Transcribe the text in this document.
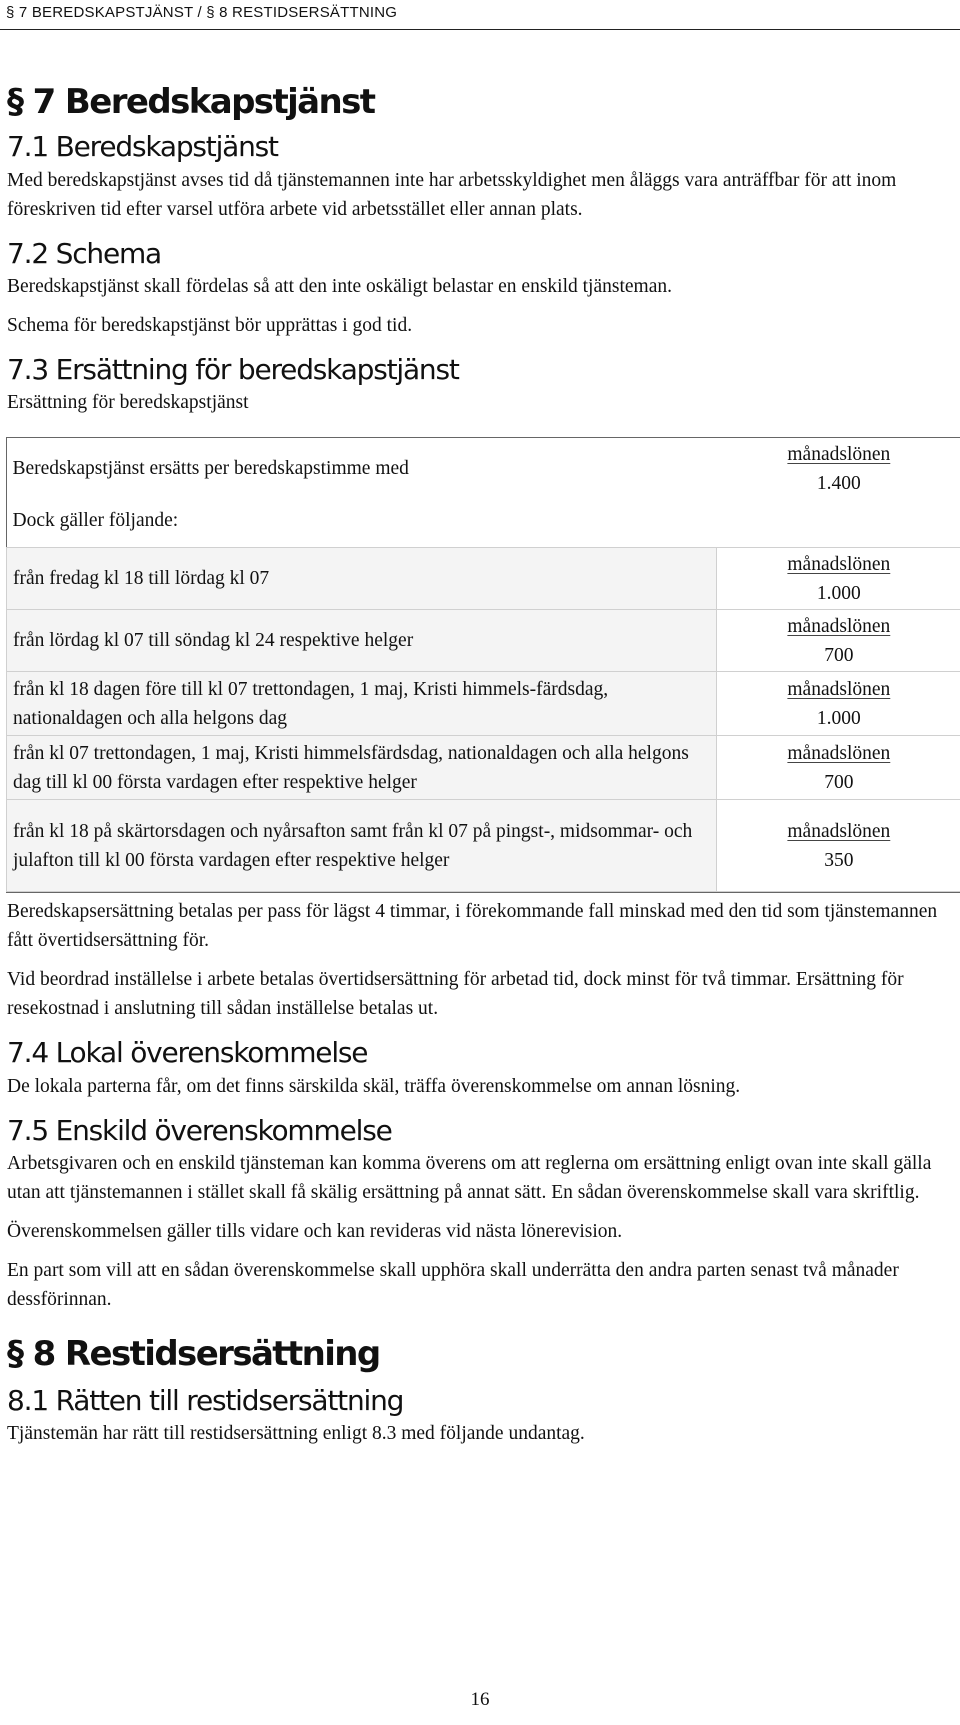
§ 7 BEREDSKAPSTJÄNST / § 8 RESTIDSERSÄTTNING
§ 7 Beredskapstjänst
7.1 Beredskapstjänst

Med beredskapstjänst avses tid då tjänstemannen inte har arbetsskyldighet men åläggs vara anträffbar för att inom föreskriven tid efter varsel utföra arbete vid arbetsstället eller annan plats.

7.2 Schema

Beredskapstjänst skall fördelas så att den inte oskäligt belastar en enskild tjänsteman.

Schema för beredskapstjänst bör upprättas i god tid.

7.3 Ersättning för beredskapstjänst

Ersättning för beredskapstjänst

Beredskapstjänst ersätts per beredskapstimme med	månadslönen
1.400
Dock gäller följande:	
från fredag kl 18 till lördag kl 07	månadslönen
1.000
från lördag kl 07 till söndag kl 24 respektive helger	månadslönen
700
från kl 18 dagen före till kl 07 trettondagen, 1 maj, Kristi himmels-färdsdag, nationaldagen och alla helgons dag	månadslönen
1.000
från kl 07 trettondagen, 1 maj, Kristi himmelsfärdsdag, nationaldagen och alla helgons dag till kl 00 första vardagen efter respektive helger	månadslönen
700
från kl 18 på skärtorsdagen och nyårsafton samt från kl 07 på pingst-, midsommar- och julafton till kl 00 första vardagen efter respektive helger	månadslönen
350

Beredskapsersättning betalas per pass för lägst 4 timmar, i förekommande fall minskad med den tid som tjänstemannen fått övertidsersättning för.

Vid beordrad inställelse i arbete betalas övertidsersättning för arbetad tid, dock minst för två timmar. Ersättning för resekostnad i anslutning till sådan inställelse betalas ut.

7.4 Lokal överenskommelse

De lokala parterna får, om det finns särskilda skäl, träffa överenskommelse om annan lösning.

7.5 Enskild överenskommelse

Arbetsgivaren och en enskild tjänsteman kan komma överens om att reglerna om ersättning enligt ovan inte skall gälla utan att tjänstemannen i stället skall få skälig ersättning på annat sätt. En sådan överenskommelse skall vara skriftlig.

Överenskommelsen gäller tills vidare och kan revideras vid nästa lönerevision.

En part som vill att en sådan överenskommelse skall upphöra skall underrätta den andra parten senast två månader dessförinnan.

§ 8 Restidsersättning
8.1 Rätten till restidsersättning

Tjänstemän har rätt till restidsersättning enligt 8.3 med följande undantag.

16
